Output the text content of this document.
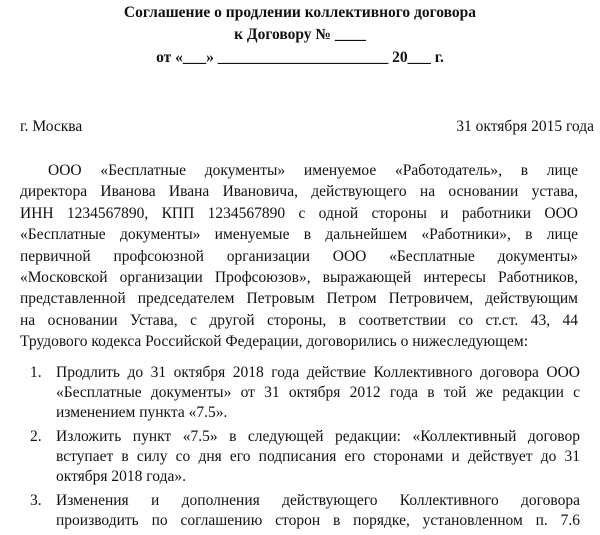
Соглашение о продлении коллективного договора
к Договору № ____
от «___» ______________________ 20___ г.
г. Москва	31 октября 2015 года
ООО «Бесплатные документы» именуемое «Работодатель», в лице
директора Иванова Ивана Ивановича, действующего на основании устава,
ИНН 1234567890, КПП 1234567890 с одной стороны и работники ООО
«Бесплатные документы» именуемые в дальнейшем «Работники», в лице
первичной профсоюзной организации ООО «Бесплатные документы»
«Московской организации Профсоюзов», выражающей интересы Работников,
представленной председателем Петровым Петром Петровичем, действующим
на основании Устава, с другой стороны, в соответствии со ст.ст. 43, 44
Трудового кодекса Российской Федерации, договорились о нижеследующем:
1. Продлить до 31 октября 2018 года действие Коллективного договора ООО
«Бесплатные документы» от 31 октября 2012 года в той же редакции с
изменением пункта «7.5».
2. Изложить пункт «7.5» в следующей редакции: «Коллективный договор
вступает в силу со дня его подписания его сторонами и действует до 31
октября 2018 года».
3. Изменения и дополнения действующего Коллективного договора
производить по соглашению сторон в порядке, установленном п. 7.6
